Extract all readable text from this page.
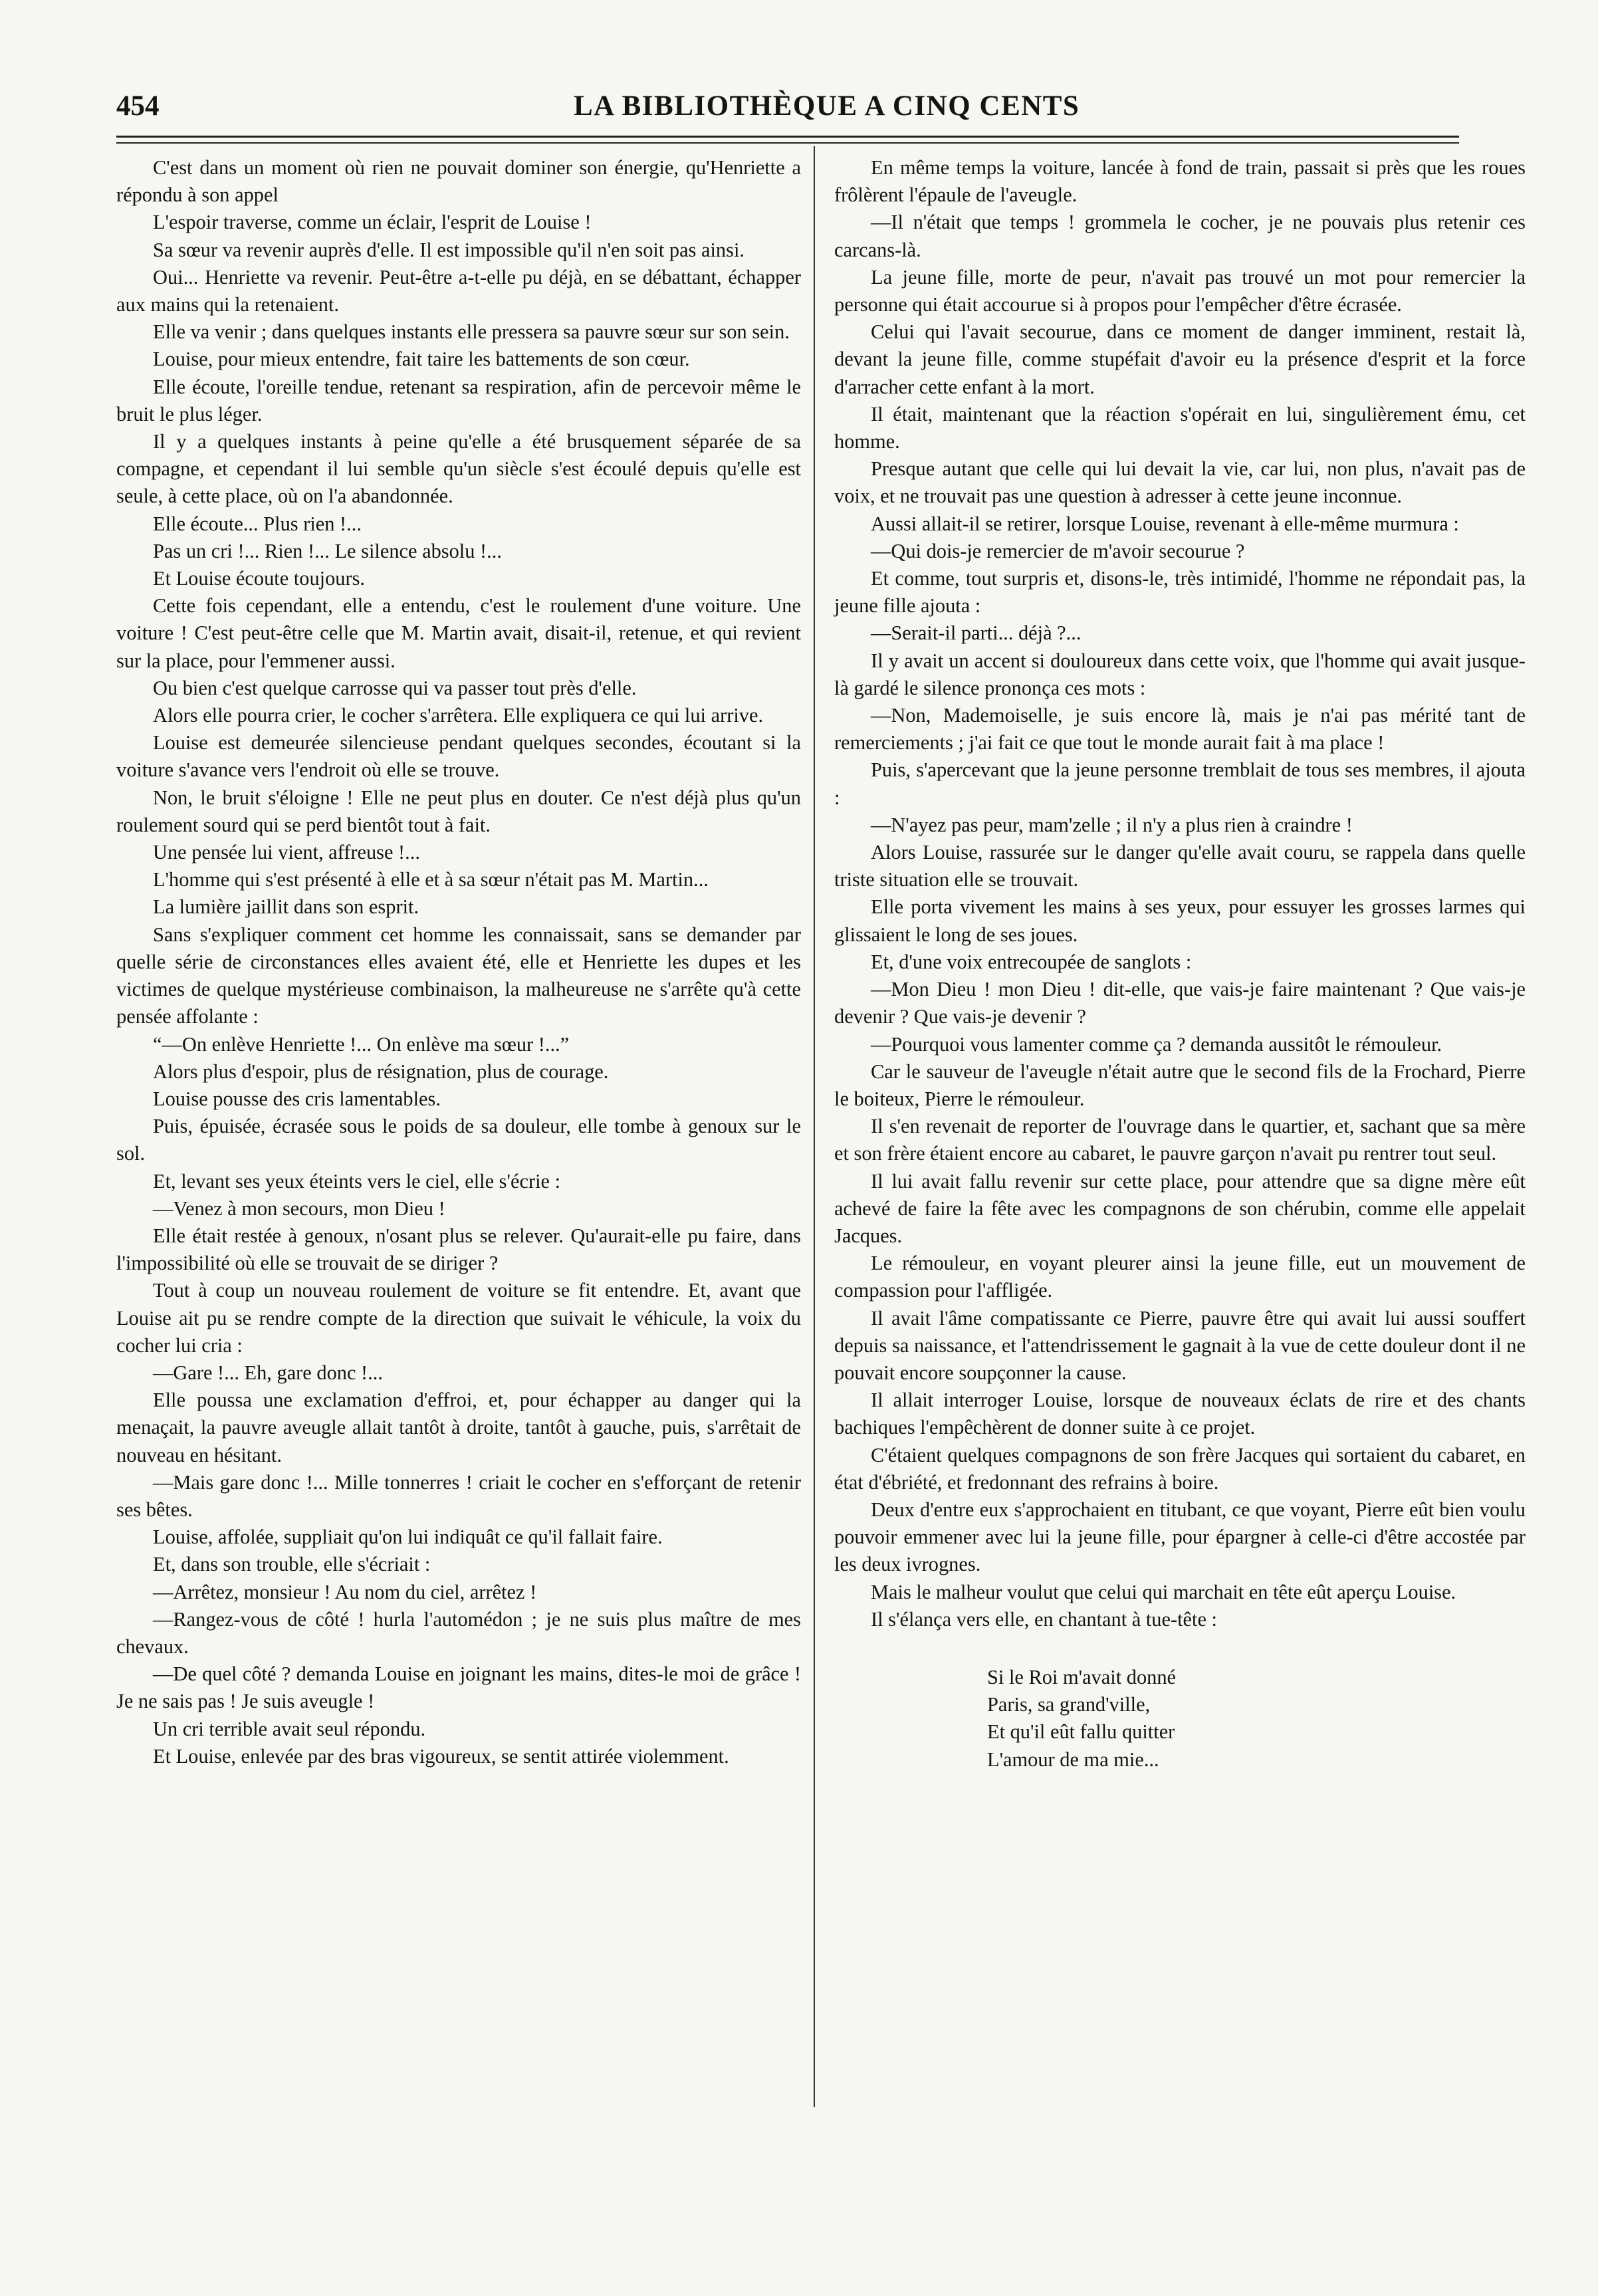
454	LA BIBLIOTHÈQUE A CINQ CENTS

C'est dans un moment où rien ne pouvait dominer son énergie, qu'Henriette a répondu à son appel

L'espoir traverse, comme un éclair, l'esprit de Louise !

Sa sœur va revenir auprès d'elle. Il est impossible qu'il n'en soit pas ainsi.

Oui... Henriette va revenir. Peut-être a-t-elle pu déjà, en se débattant, échapper aux mains qui la retenaient.

Elle va venir ; dans quelques instants elle pressera sa pauvre sœur sur son sein.

Louise, pour mieux entendre, fait taire les battements de son cœur.

Elle écoute, l'oreille tendue, retenant sa respiration, afin de percevoir même le bruit le plus léger.

Il y a quelques instants à peine qu'elle a été brusquement séparée de sa compagne, et cependant il lui semble qu'un siècle s'est écoulé depuis qu'elle est seule, à cette place, où on l'a abandonnée.

Elle écoute... Plus rien !...

Pas un cri !... Rien !... Le silence absolu !...

Et Louise écoute toujours.

Cette fois cependant, elle a entendu, c'est le roulement d'une voiture. Une voiture ! C'est peut-être celle que M. Martin avait, disait-il, retenue, et qui revient sur la place, pour l'emmener aussi.

Ou bien c'est quelque carrosse qui va passer tout près d'elle.

Alors elle pourra crier, le cocher s'arrêtera. Elle expliquera ce qui lui arrive.

Louise est demeurée silencieuse pendant quelques secondes, écoutant si la voiture s'avance vers l'endroit où elle se trouve.

Non, le bruit s'éloigne ! Elle ne peut plus en douter. Ce n'est déjà plus qu'un roulement sourd qui se perd bientôt tout à fait.

Une pensée lui vient, affreuse !...

L'homme qui s'est présenté à elle et à sa sœur n'était pas M. Martin...

La lumière jaillit dans son esprit.

Sans s'expliquer comment cet homme les connaissait, sans se demander par quelle série de circonstances elles avaient été, elle et Henriette les dupes et les victimes de quelque mystérieuse combinaison, la malheureuse ne s'arrête qu'à cette pensée affolante :

“—On enlève Henriette !... On enlève ma sœur !...”

Alors plus d'espoir, plus de résignation, plus de courage.

Louise pousse des cris lamentables.

Puis, épuisée, écrasée sous le poids de sa douleur, elle tombe à genoux sur le sol.

Et, levant ses yeux éteints vers le ciel, elle s'écrie :

—Venez à mon secours, mon Dieu !

Elle était restée à genoux, n'osant plus se relever. Qu'aurait-elle pu faire, dans l'impossibilité où elle se trouvait de se diriger ?

Tout à coup un nouveau roulement de voiture se fit entendre. Et, avant que Louise ait pu se rendre compte de la direction que suivait le véhicule, la voix du cocher lui cria :

—Gare !... Eh, gare donc !...

Elle poussa une exclamation d'effroi, et, pour échapper au danger qui la menaçait, la pauvre aveugle allait tantôt à droite, tantôt à gauche, puis, s'arrêtait de nouveau en hésitant.

—Mais gare donc !... Mille tonnerres ! criait le cocher en s'efforçant de retenir ses bêtes.

Louise, affolée, suppliait qu'on lui indiquât ce qu'il fallait faire.

Et, dans son trouble, elle s'écriait :

—Arrêtez, monsieur ! Au nom du ciel, arrêtez !

—Rangez-vous de côté ! hurla l'automédon ; je ne suis plus maître de mes chevaux.

—De quel côté ? demanda Louise en joignant les mains, dites-le moi de grâce ! Je ne sais pas ! Je suis aveugle !

Un cri terrible avait seul répondu.

Et Louise, enlevée par des bras vigoureux, se sentit attirée violemment.

En même temps la voiture, lancée à fond de train, passait si près que les roues frôlèrent l'épaule de l'aveugle.

—Il n'était que temps ! grommela le cocher, je ne pouvais plus retenir ces carcans-là.

La jeune fille, morte de peur, n'avait pas trouvé un mot pour remercier la personne qui était accourue si à propos pour l'empêcher d'être écrasée.

Celui qui l'avait secourue, dans ce moment de danger imminent, restait là, devant la jeune fille, comme stupéfait d'avoir eu la présence d'esprit et la force d'arracher cette enfant à la mort.

Il était, maintenant que la réaction s'opérait en lui, singulièrement ému, cet homme.

Presque autant que celle qui lui devait la vie, car lui, non plus, n'avait pas de voix, et ne trouvait pas une question à adresser à cette jeune inconnue.

Aussi allait-il se retirer, lorsque Louise, revenant à elle-même murmura :

—Qui dois-je remercier de m'avoir secourue ?

Et comme, tout surpris et, disons-le, très intimidé, l'homme ne répondait pas, la jeune fille ajouta :

—Serait-il parti... déjà ?...

Il y avait un accent si douloureux dans cette voix, que l'homme qui avait jusque-là gardé le silence prononça ces mots :

—Non, Mademoiselle, je suis encore là, mais je n'ai pas mérité tant de remerciements ; j'ai fait ce que tout le monde aurait fait à ma place !

Puis, s'apercevant que la jeune personne tremblait de tous ses membres, il ajouta :

—N'ayez pas peur, mam'zelle ; il n'y a plus rien à craindre !

Alors Louise, rassurée sur le danger qu'elle avait couru, se rappela dans quelle triste situation elle se trouvait.

Elle porta vivement les mains à ses yeux, pour essuyer les grosses larmes qui glissaient le long de ses joues.

Et, d'une voix entrecoupée de sanglots :

—Mon Dieu ! mon Dieu ! dit-elle, que vais-je faire maintenant ? Que vais-je devenir ? Que vais-je devenir ?

—Pourquoi vous lamenter comme ça ? demanda aussitôt le rémouleur.

Car le sauveur de l'aveugle n'était autre que le second fils de la Frochard, Pierre le boiteux, Pierre le rémouleur.

Il s'en revenait de reporter de l'ouvrage dans le quartier, et, sachant que sa mère et son frère étaient encore au cabaret, le pauvre garçon n'avait pu rentrer tout seul.

Il lui avait fallu revenir sur cette place, pour attendre que sa digne mère eût achevé de faire la fête avec les compagnons de son chérubin, comme elle appelait Jacques.

Le rémouleur, en voyant pleurer ainsi la jeune fille, eut un mouvement de compassion pour l'affligée.

Il avait l'âme compatissante ce Pierre, pauvre être qui avait lui aussi souffert depuis sa naissance, et l'attendrissement le gagnait à la vue de cette douleur dont il ne pouvait encore soupçonner la cause.

Il allait interroger Louise, lorsque de nouveaux éclats de rire et des chants bachiques l'empêchèrent de donner suite à ce projet.

C'étaient quelques compagnons de son frère Jacques qui sortaient du cabaret, en état d'ébriété, et fredonnant des refrains à boire.

Deux d'entre eux s'approchaient en titubant, ce que voyant, Pierre eût bien voulu pouvoir emmener avec lui la jeune fille, pour épargner à celle-ci d'être accostée par les deux ivrognes.

Mais le malheur voulut que celui qui marchait en tête eût aperçu Louise.

Il s'élança vers elle, en chantant à tue-tête :

Si le Roi m'avait donné
Paris, sa grand'ville,
Et qu'il eût fallu quitter
L'amour de ma mie...
